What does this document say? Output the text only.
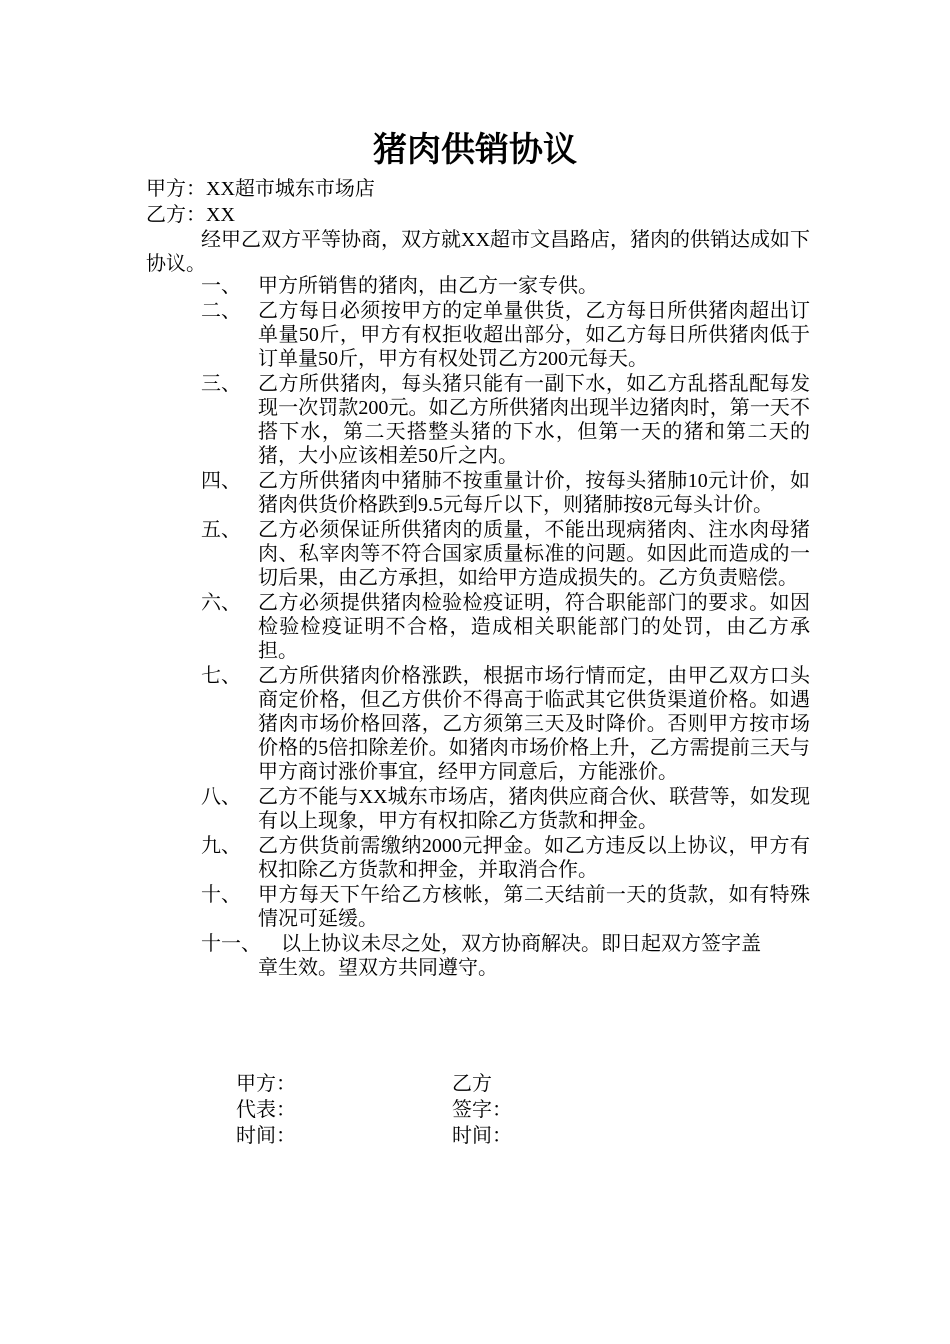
猪肉供销协议
甲方：XX超市城东市场店
乙方：XX
经甲乙双方平等协商，双方就XX超市文昌路店，猪肉的供销达成如下协议。
一、 甲方所销售的猪肉，由乙方一家专供。
二、 乙方每日必须按甲方的定单量供货，乙方每日所供猪肉超出订单量50斤，甲方有权拒收超出部分，如乙方每日所供猪肉低于订单量50斤，甲方有权处罚乙方200元每天。
三、 乙方所供猪肉，每头猪只能有一副下水，如乙方乱搭乱配每发现一次罚款200元。如乙方所供猪肉出现半边猪肉时，第一天不搭下水，第二天搭整头猪的下水，但第一天的猪和第二天的猪，大小应该相差50斤之内。
四、 乙方所供猪肉中猪肺不按重量计价，按每头猪肺10元计价，如猪肉供货价格跌到9.5元每斤以下，则猪肺按8元每头计价。
五、 乙方必须保证所供猪肉的质量，不能出现病猪肉、注水肉母猪肉、私宰肉等不符合国家质量标准的问题。如因此而造成的一切后果，由乙方承担，如给甲方造成损失的。乙方负责赔偿。
六、 乙方必须提供猪肉检验检疫证明，符合职能部门的要求。如因检验检疫证明不合格，造成相关职能部门的处罚，由乙方承担。
七、 乙方所供猪肉价格涨跌，根据市场行情而定，由甲乙双方口头商定价格，但乙方供价不得高于临武其它供货渠道价格。如遇猪肉市场价格回落，乙方须第三天及时降价。否则甲方按市场价格的5倍扣除差价。如猪肉市场价格上升，乙方需提前三天与甲方商讨涨价事宜，经甲方同意后，方能涨价。
八、 乙方不能与XX城东市场店，猪肉供应商合伙、联营等，如发现有以上现象，甲方有权扣除乙方货款和押金。
九、 乙方供货前需缴纳2000元押金。如乙方违反以上协议，甲方有权扣除乙方货款和押金，并取消合作。
十、 甲方每天下午给乙方核帐，第二天结前一天的货款，如有特殊情况可延缓。
十一、 以上协议未尽之处，双方协商解决。即日起双方签字盖
章生效。望双方共同遵守。
甲方：
代表：
时间：
乙方
签字：
时间：
